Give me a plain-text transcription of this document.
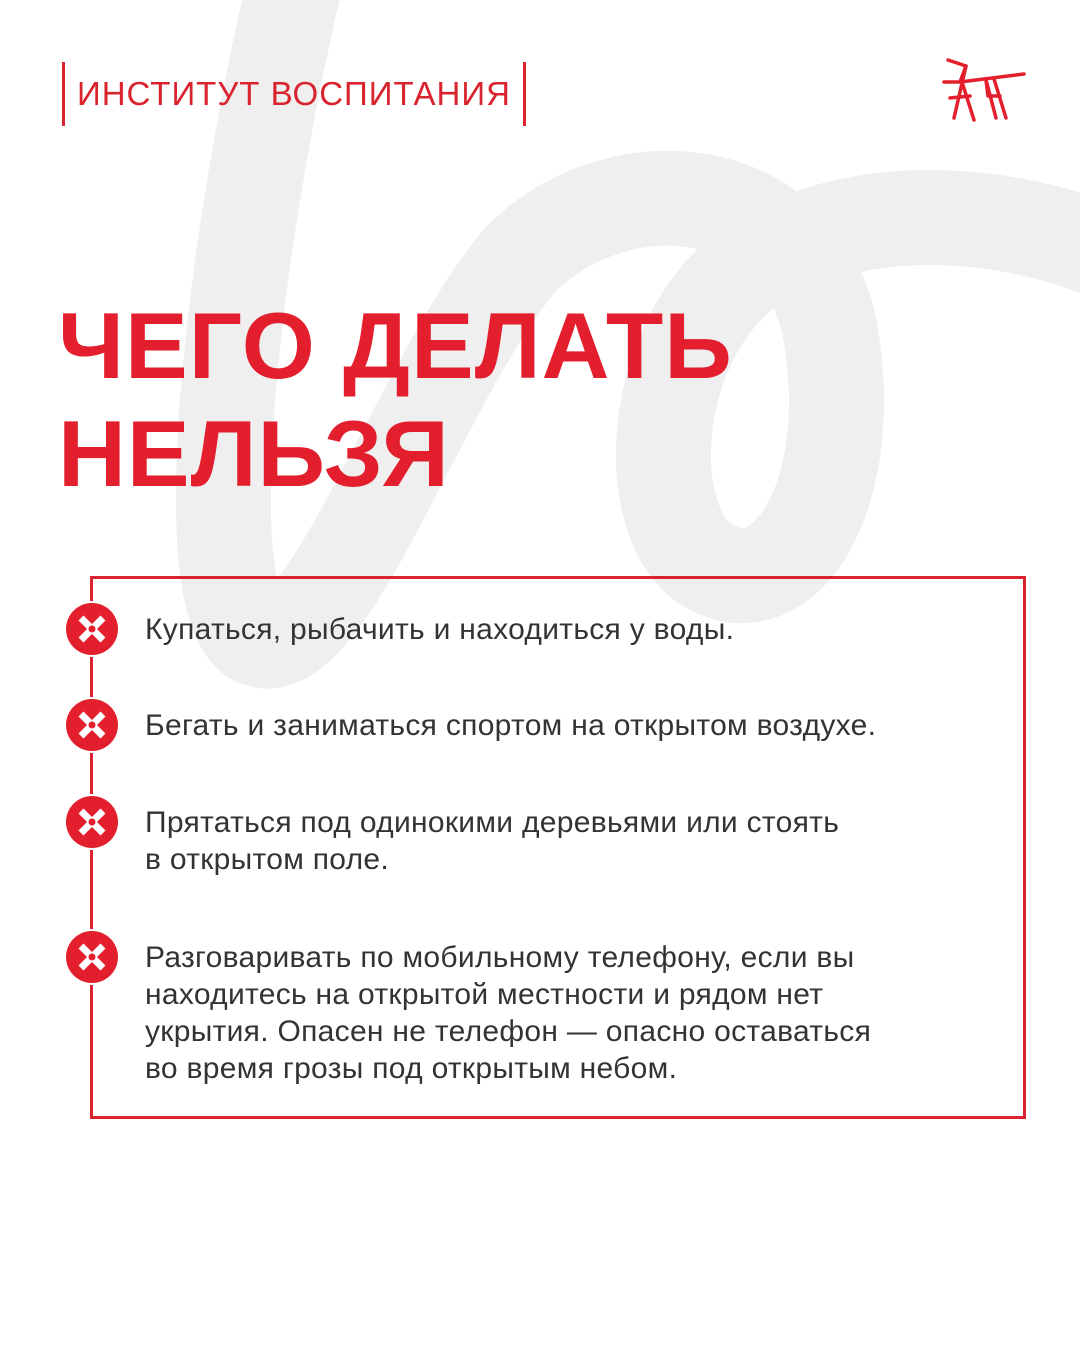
ИНСТИТУТ ВОСПИТАНИЯ
ЧЕГО ДЕЛАТЬ
НЕЛЬЗЯ
Купаться, рыбачить и находиться у воды.
Бегать и заниматься спортом на открытом воздухе.
Прятаться под одинокими деревьями или стоять
в открытом поле.
Разговаривать по мобильному телефону, если вы
находитесь на открытой местности и рядом нет
укрытия. Опасен не телефон — опасно оставаться
во время грозы под открытым небом.
